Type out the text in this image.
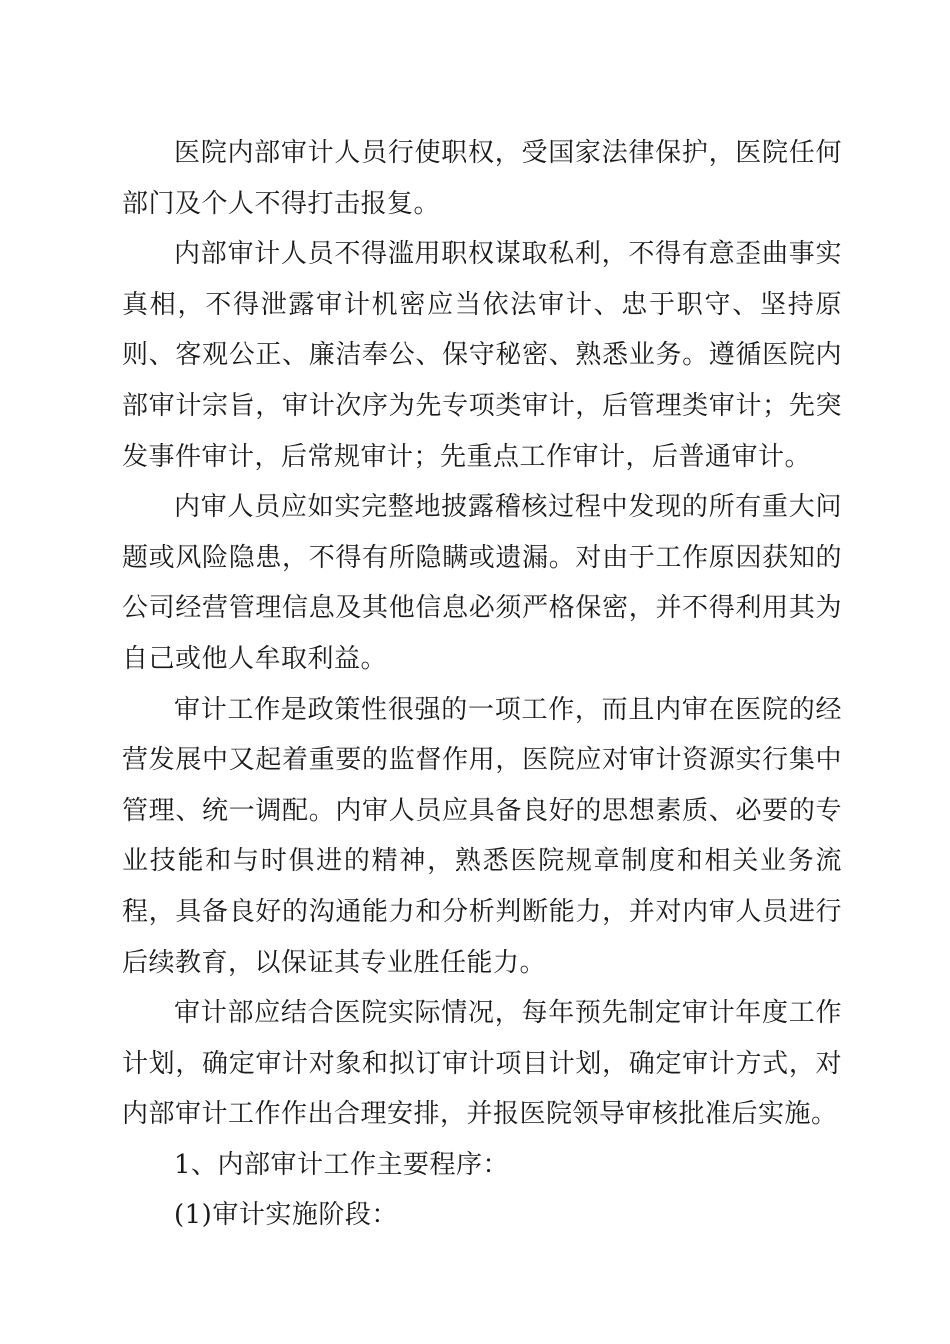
医院内部审计人员行使职权，受国家法律保护，医院任何部门及个人不得打击报复。

内部审计人员不得滥用职权谋取私利，不得有意歪曲事实真相，不得泄露审计机密应当依法审计、忠于职守、坚持原则、客观公正、廉洁奉公、保守秘密、熟悉业务。遵循医院内部审计宗旨，审计次序为先专项类审计，后管理类审计；先突发事件审计，后常规审计；先重点工作审计，后普通审计。

内审人员应如实完整地披露稽核过程中发现的所有重大问题或风险隐患，不得有所隐瞒或遗漏。对由于工作原因获知的公司经营管理信息及其他信息必须严格保密，并不得利用其为自己或他人牟取利益。

审计工作是政策性很强的一项工作，而且内审在医院的经营发展中又起着重要的监督作用，医院应对审计资源实行集中管理、统一调配。内审人员应具备良好的思想素质、必要的专业技能和与时俱进的精神，熟悉医院规章制度和相关业务流程，具备良好的沟通能力和分析判断能力，并对内审人员进行后续教育，以保证其专业胜任能力。

审计部应结合医院实际情况，每年预先制定审计年度工作计划，确定审计对象和拟订审计项目计划，确定审计方式，对内部审计工作作出合理安排，并报医院领导审核批准后实施。

1、内部审计工作主要程序：

(1)审计实施阶段：
